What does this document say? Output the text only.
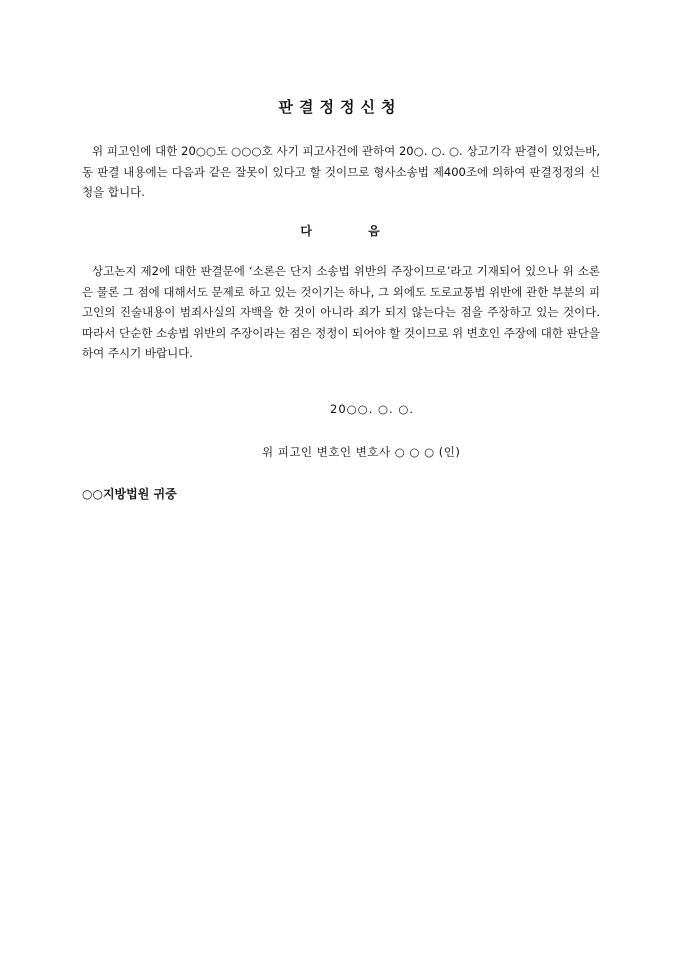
판결정정신청

위 피고인에 대한 20○○도 ○○○호 사기 피고사건에 관하여 20○. ○. ○. 상고기각 판결이 있었는바, 동 판결 내용에는 다음과 같은 잘못이 있다고 할 것이므로 형사소송법 제400조에 의하여 판결정정의 신청을 합니다.

다	음

상고논지 제2에 대한 판결문에 ‘소론은 단지 소송법 위반의 주장이므로’라고 기재되어 있으나 위 소론은 물론 그 점에 대해서도 문제로 하고 있는 것이기는 하나, 그 외에도 도로교통법 위반에 관한 부분의 피고인의 진술내용이 범죄사실의 자백을 한 것이 아니라 죄가 되지 않는다는 점을 주장하고 있는 것이다. 따라서 단순한 소송법 위반의 주장이라는 점은 정정이 되어야 할 것이므로 위 변호인 주장에 대한 판단을 하여 주시기 바랍니다.

20○○. ○. ○.
위 피고인 변호인 변호사 ○ ○ ○ (인)
○○지방법원 귀중
